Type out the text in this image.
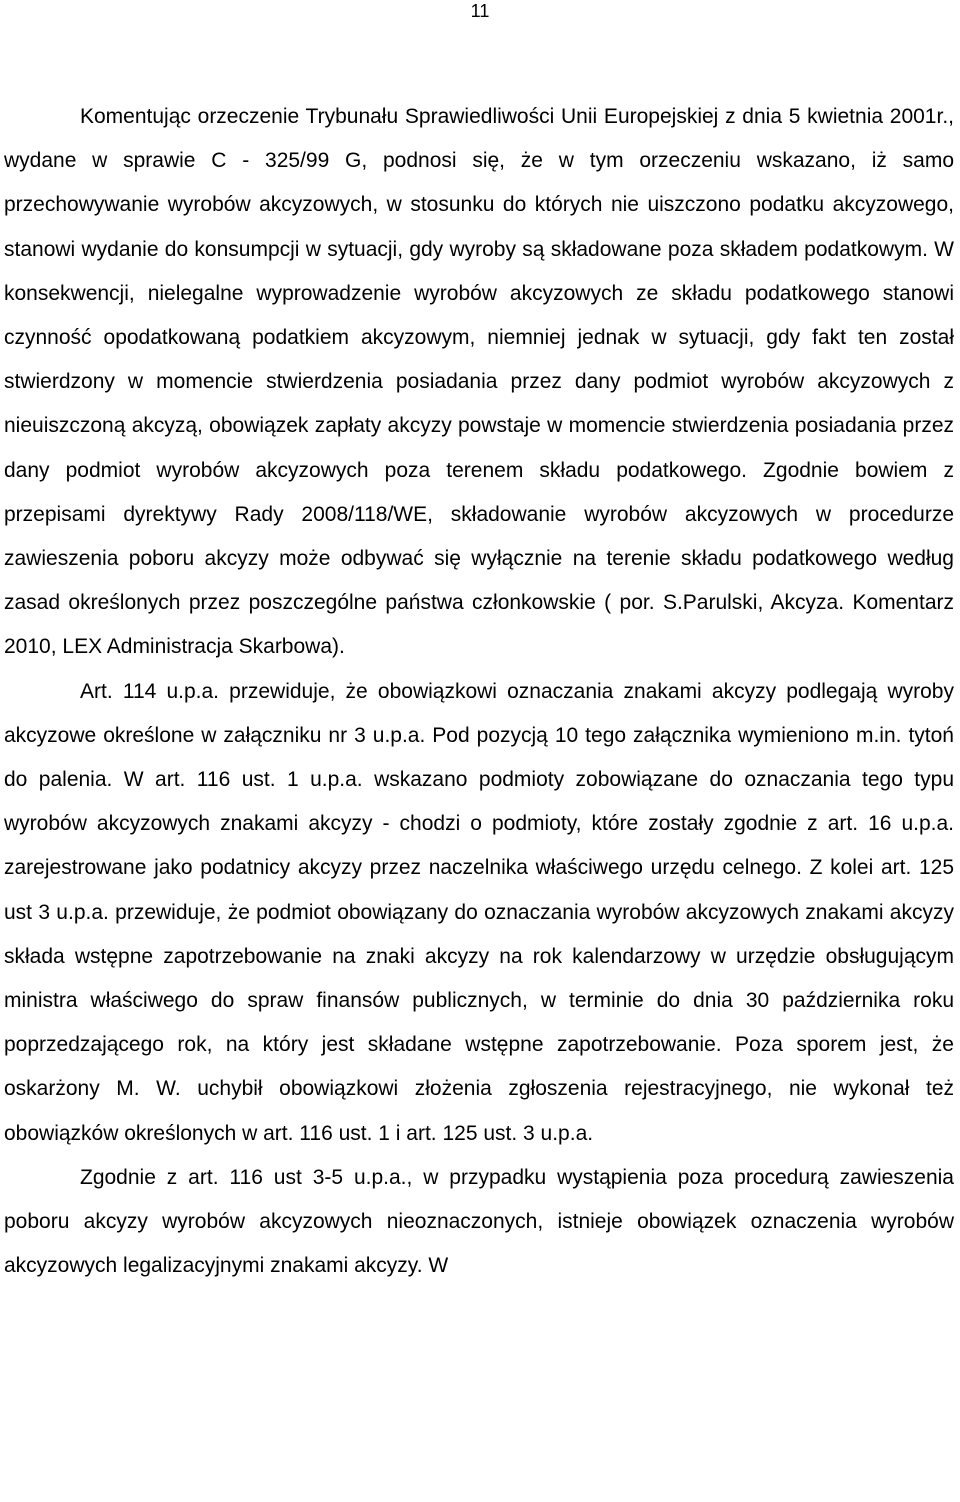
11

Komentując orzeczenie Trybunału Sprawiedliwości Unii Europejskiej z dnia 5 kwietnia 2001r., wydane w sprawie C - 325/99 G, podnosi się, że w tym orzeczeniu wskazano, iż samo przechowywanie wyrobów akcyzowych, w stosunku do których nie uiszczono podatku akcyzowego, stanowi wydanie do konsumpcji w sytuacji, gdy wyroby są składowane poza składem podatkowym. W konsekwencji, nielegalne wyprowadzenie wyrobów akcyzowych ze składu podatkowego stanowi czynność opodatkowaną podatkiem akcyzowym, niemniej jednak w sytuacji, gdy fakt ten został stwierdzony w momencie stwierdzenia posiadania przez dany podmiot wyrobów akcyzowych z nieuiszczoną akcyzą, obowiązek zapłaty akcyzy powstaje w momencie stwierdzenia posiadania przez dany podmiot wyrobów akcyzowych poza terenem składu podatkowego. Zgodnie bowiem z przepisami dyrektywy Rady 2008/118/WE, składowanie wyrobów akcyzowych w procedurze zawieszenia poboru akcyzy może odbywać się wyłącznie na terenie składu podatkowego według zasad określonych przez poszczególne państwa członkowskie ( por. S.Parulski, Akcyza. Komentarz 2010, LEX Administracja Skarbowa).

Art. 114 u.p.a. przewiduje, że obowiązkowi oznaczania znakami akcyzy podlegają wyroby akcyzowe określone w załączniku nr 3 u.p.a. Pod pozycją 10 tego załącznika wymieniono m.in. tytoń do palenia. W art. 116 ust. 1 u.p.a. wskazano podmioty zobowiązane do oznaczania tego typu wyrobów akcyzowych znakami akcyzy - chodzi o podmioty, które zostały zgodnie z art. 16 u.p.a. zarejestrowane jako podatnicy akcyzy przez naczelnika właściwego urzędu celnego. Z kolei art. 125 ust 3 u.p.a. przewiduje, że podmiot obowiązany do oznaczania wyrobów akcyzowych znakami akcyzy składa wstępne zapotrzebowanie na znaki akcyzy na rok kalendarzowy w urzędzie obsługującym ministra właściwego do spraw finansów publicznych, w terminie do dnia 30 października roku poprzedzającego rok, na który jest składane wstępne zapotrzebowanie. Poza sporem jest, że oskarżony M. W. uchybił obowiązkowi złożenia zgłoszenia rejestracyjnego, nie wykonał też obowiązków określonych w art. 116 ust. 1 i art. 125 ust. 3 u.p.a.

Zgodnie z art. 116 ust 3-5 u.p.a., w przypadku wystąpienia poza procedurą zawieszenia poboru akcyzy wyrobów akcyzowych nieoznaczonych, istnieje obowiązek oznaczenia wyrobów akcyzowych legalizacyjnymi znakami akcyzy. W
